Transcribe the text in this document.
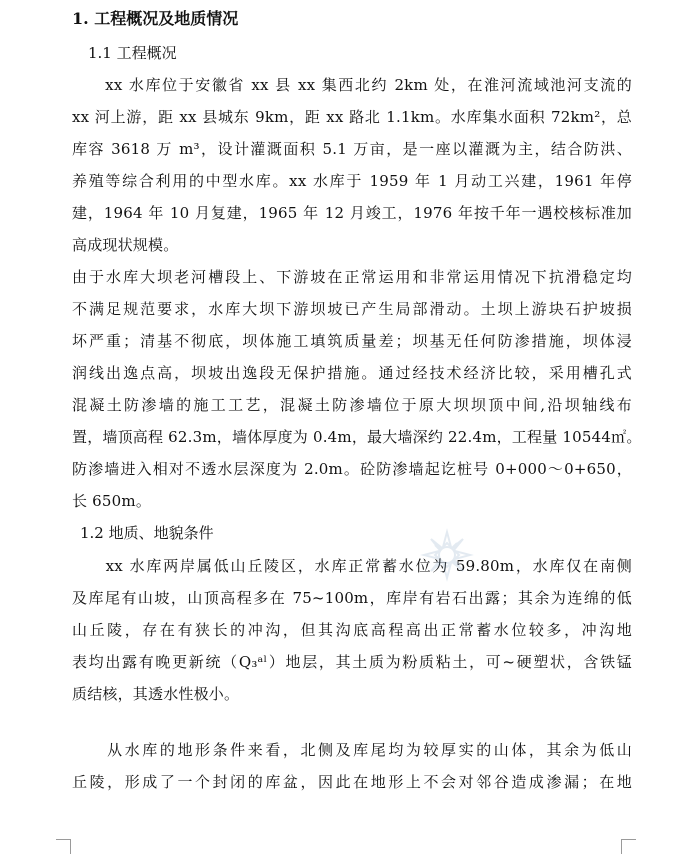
1. 工程概况及地质情况
1.1 工程概况
　　xx 水库位于安徽省 xx 县 xx 集西北约 2km 处，在淮河流域池河支流的
xx 河上游，距 xx 县城东 9km，距 xx 路北 1.1km。水库集水面积 72km²，总
库容 3618 万 m³，设计灌溉面积 5.1 万亩，是一座以灌溉为主，结合防洪、
养殖等综合利用的中型水库。xx 水库于 1959 年 1 月动工兴建，1961 年停
建，1964 年 10 月复建，1965 年 12 月竣工，1976 年按千年一遇校核标准加
高成现状规模。
由于水库大坝老河槽段上、下游坡在正常运用和非常运用情况下抗滑稳定均
不满足规范要求，水库大坝下游坝坡已产生局部滑动。土坝上游块石护坡损
坏严重；清基不彻底，坝体施工填筑质量差；坝基无任何防渗措施，坝体浸
润线出逸点高，坝坡出逸段无保护措施。通过经技术经济比较，采用槽孔式
混凝土防渗墙的施工工艺，混凝土防渗墙位于原大坝坝顶中间,沿坝轴线布
置，墙顶高程 62.3m，墙体厚度为 0.4m，最大墙深约 22.4m，工程量 10544㎡。
防渗墙进入相对不透水层深度为 2.0m。砼防渗墙起讫桩号 0+000～0+650，
长 650m。
1.2 地质、地貌条件
　　xx 水库两岸属低山丘陵区，水库正常蓄水位为 59.80m，水库仅在南侧
及库尾有山坡，山顶高程多在 75~100m，库岸有岩石出露；其余为连绵的低
山丘陵，存在有狭长的冲沟，但其沟底高程高出正常蓄水位较多，冲沟地
表均出露有晚更新统（Q₃ᵃˡ）地层，其土质为粉质粘土，可~硬塑状，含铁锰
质结核，其透水性极小。
　　从水库的地形条件来看，北侧及库尾均为较厚实的山体，其余为低山
丘陵，形成了一个封闭的库盆，因此在地形上不会对邻谷造成渗漏；在地
